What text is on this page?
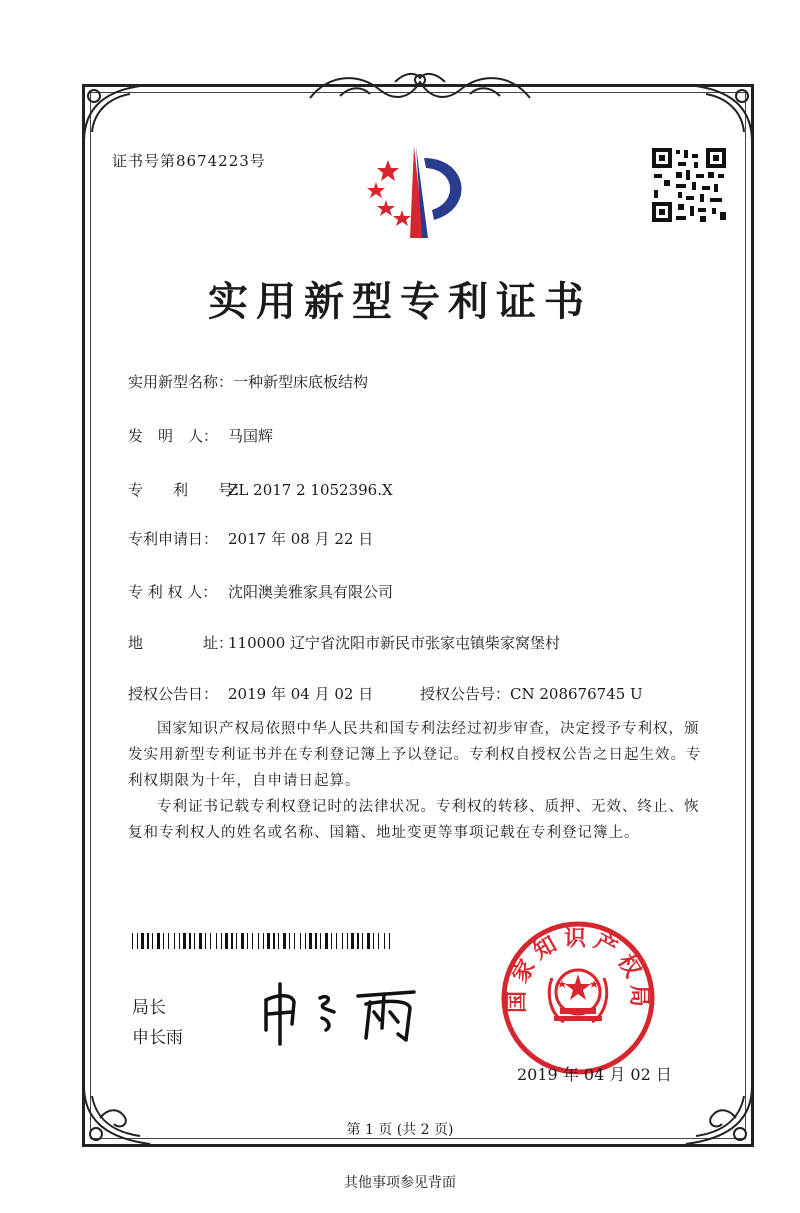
证书号第8674223号
实用新型专利证书
实用新型名称：一种新型床底板结构
发　明　人： 马国辉
专　　利　　号：ZL 2017 2 1052396.X
专利申请日： 2017 年 08 月 22 日
专 利 权 人： 沈阳澳美雅家具有限公司
地　　　　址：110000 辽宁省沈阳市新民市张家屯镇柴家窝堡村
授权公告日： 2019 年 04 月 02 日	授权公告号：CN 208676745 U
国家知识产权局依照中华人民共和国专利法经过初步审查，决定授予专利权，颁发实用新型专利证书并在专利登记簿上予以登记。专利权自授权公告之日起生效。专利权期限为十年，自申请日起算。
专利证书记载专利权登记时的法律状况。专利权的转移、质押、无效、终止、恢复和专利权人的姓名或名称、国籍、地址变更等事项记载在专利登记簿上。
局长
申长雨
国家知识产权局
2019 年 04 月 02 日
第 1 页 (共 2 页)
其他事项参见背面
